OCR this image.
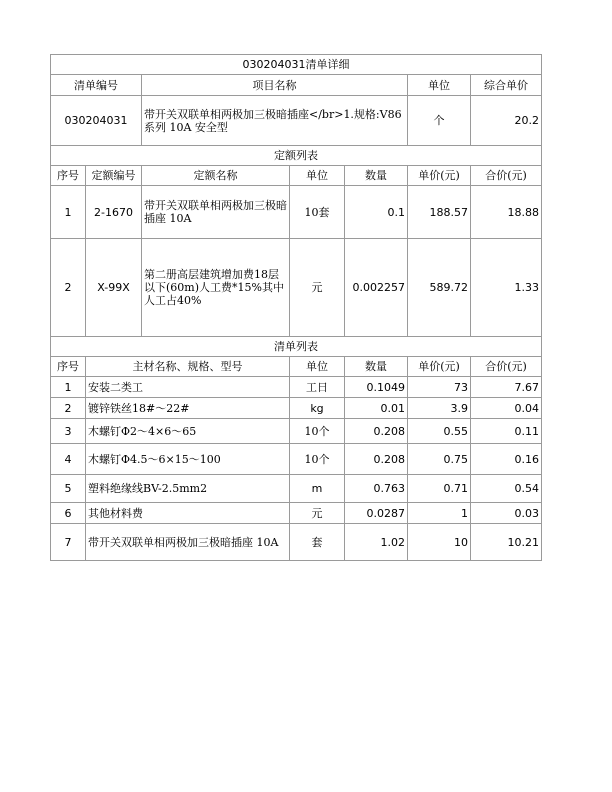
030204031清单详细						
清单编号		项目名称			单位	综合单价
030204031		带开关双联单相两极加三极暗插座</br>1.规格:V86系列 10A 安全型			个	20.2
定额列表						
序号	定额编号	定额名称	单位	数量	单价(元)	合价(元)
1	2-1670	带开关双联单相两极加三极暗插座 10A	10套	0.1	188.57	18.88
2	X-99X	第二册高层建筑增加费18层以下(60m)人工费*15%其中人工占40%	元	0.002257	589.72	1.33
清单列表						
序号	主材名称、规格、型号		单位	数量	单价(元)	合价(元)
1	安装二类工		工日	0.1049	73	7.67
2	镀锌铁丝18#～22#		kg	0.01	3.9	0.04
3	木螺钉Φ2～4×6～65		10个	0.208	0.55	0.11
4	木螺钉Φ4.5～6×15～100		10个	0.208	0.75	0.16
5	塑料绝缘线BV-2.5mm2		m	0.763	0.71	0.54
6	其他材料费		元	0.0287	1	0.03
7	带开关双联单相两极加三极暗插座 10A		套	1.02	10	10.21
